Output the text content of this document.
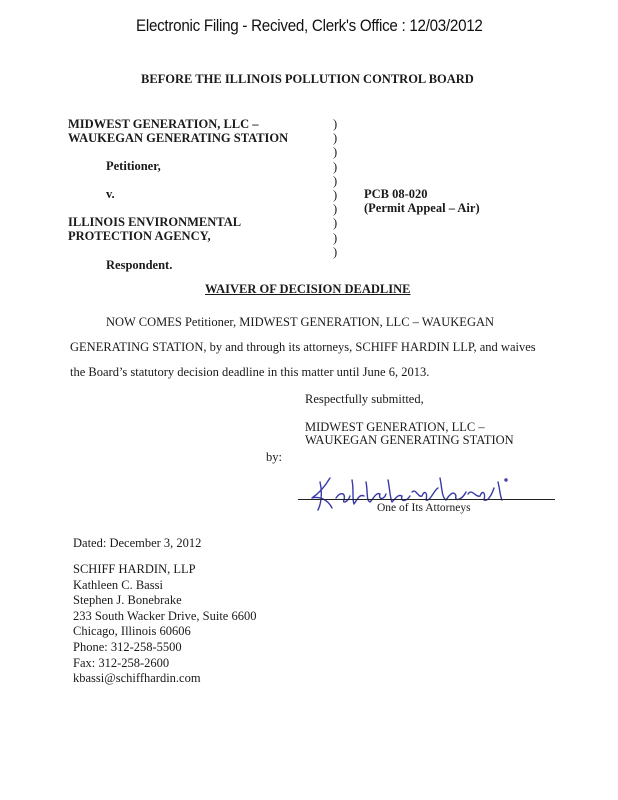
Electronic Filing - Recived, Clerk's Office : 12/03/2012
BEFORE THE ILLINOIS POLLUTION CONTROL BOARD
MIDWEST GENERATION, LLC –
WAUKEGAN GENERATING STATION
Petitioner,
v.
ILLINOIS ENVIRONMENTAL
PROTECTION AGENCY,
Respondent.
)
)
)
)
)
)
)
)
)
)
PCB 08-020
(Permit Appeal – Air)
WAIVER OF DECISION DEADLINE
NOW COMES Petitioner, MIDWEST GENERATION, LLC – WAUKEGAN
GENERATING STATION, by and through its attorneys, SCHIFF HARDIN LLP, and waives
the Board’s statutory decision deadline in this matter until June 6, 2013.
Respectfully submitted,
MIDWEST GENERATION, LLC –
WAUKEGAN GENERATING STATION
by:
One of Its Attorneys
Dated: December 3, 2012
SCHIFF HARDIN, LLP
Kathleen C. Bassi
Stephen J. Bonebrake
233 South Wacker Drive, Suite 6600
Chicago, Illinois 60606
Phone: 312-258-5500
Fax: 312-258-2600
kbassi@schiffhardin.com
